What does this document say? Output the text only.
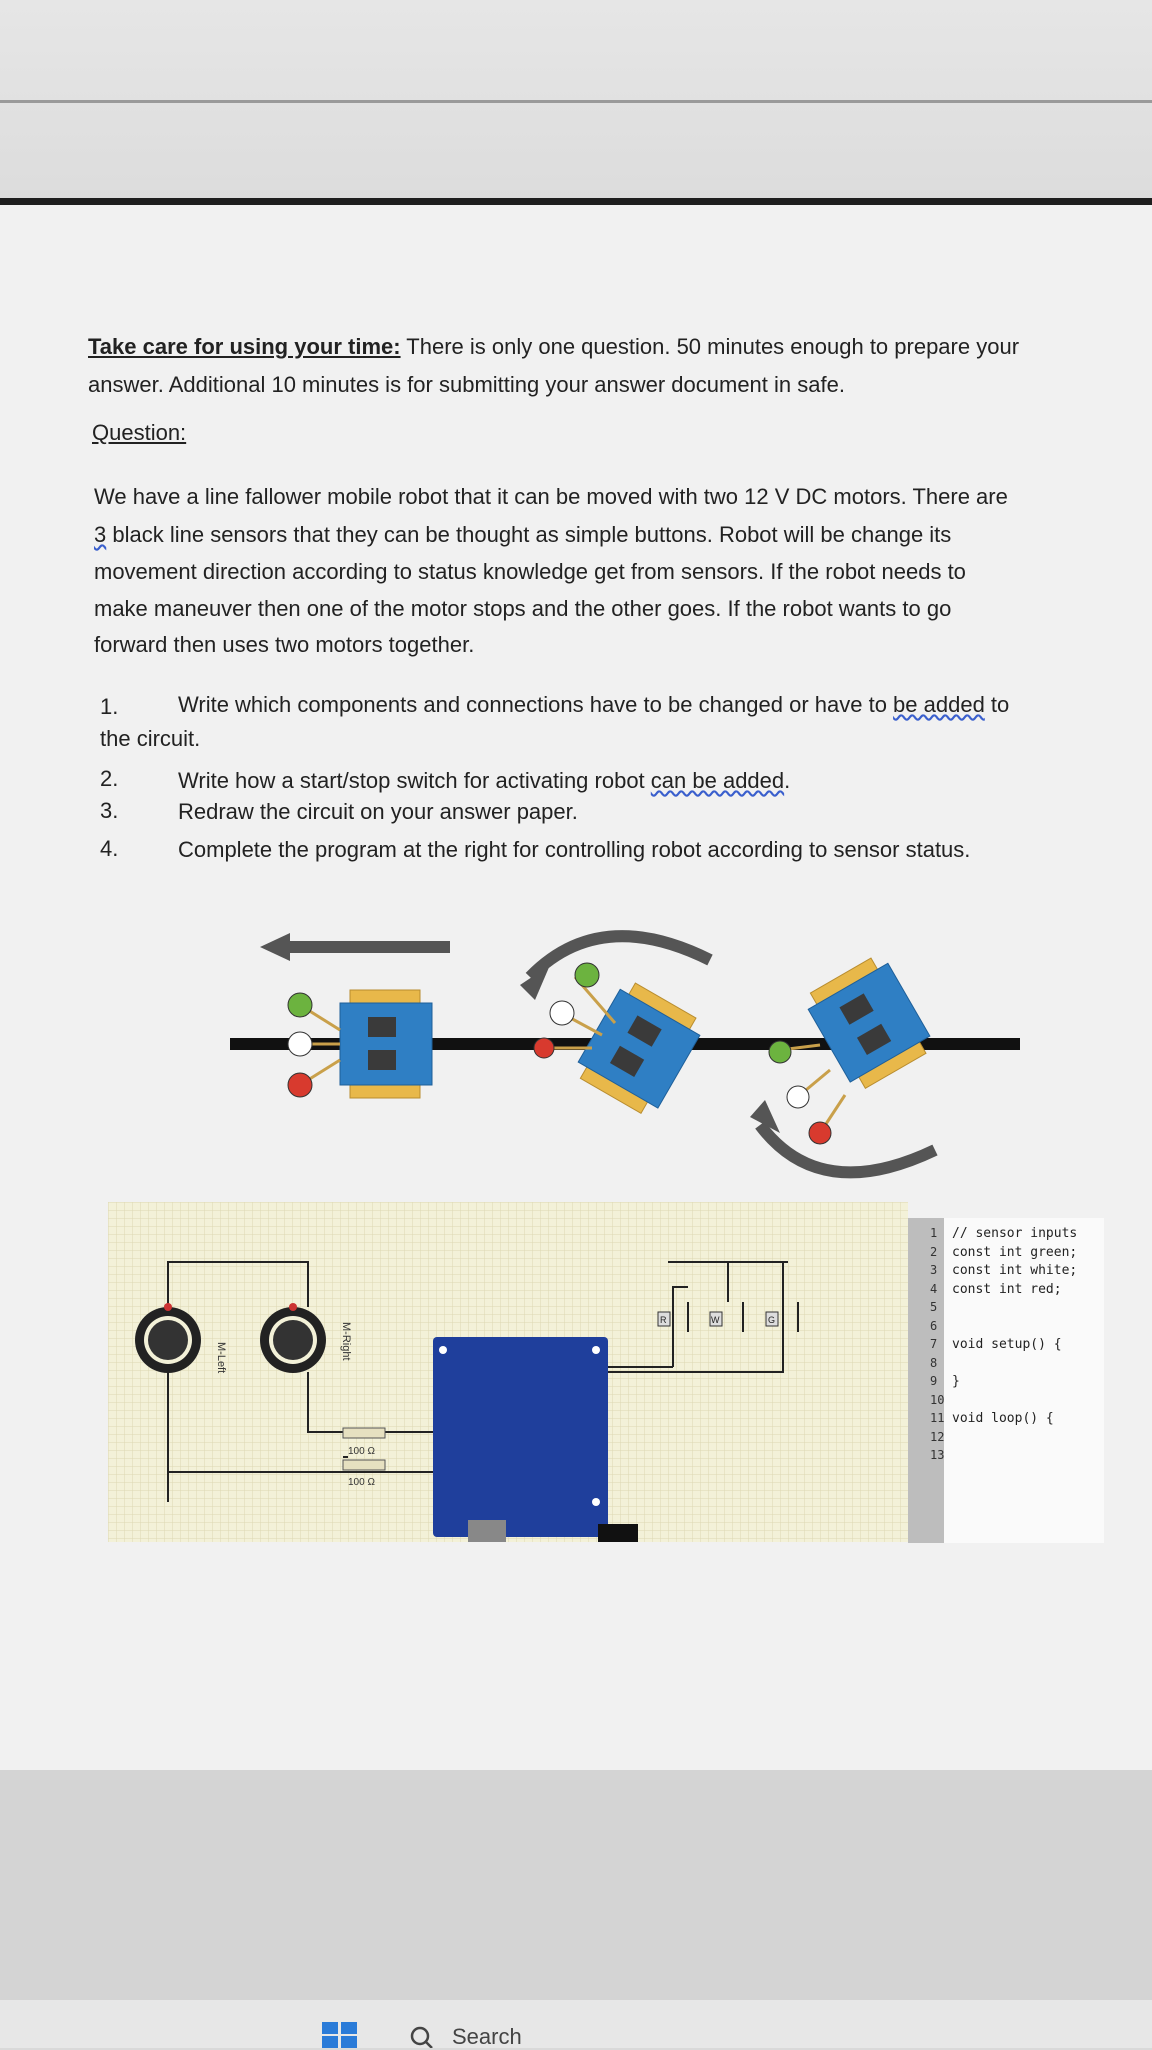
Take care for using your time: There is only one question. 50 minutes enough to prepare your
answer. Additional 10 minutes is for submitting your answer document in safe.
Question:
We have a line fallower mobile robot that it can be moved with two 12 V DC motors. There are
3 black line sensors that they can be thought as simple buttons. Robot will be change its
movement direction according to status knowledge get from sensors. If the robot needs to
make maneuver then one of the motor stops and the other goes. If the robot wants to go
forward then uses two motors together.
1.	Write which components and connections have to be changed or have to be added to
the circuit.
2.	Write how a start/stop switch for activating robot can be added.
3.	Redraw the circuit on your answer paper.
4.	Complete the program at the right for controlling robot according to sensor status.
M-Left	M-Right
100 Ω
100 Ω
R	W	G
1 // sensor inputs
2 const int green;
3 const int white;
4 const int red;
5
6
7 void setup() {
8
9 }
10
11 void loop() {
12
13
Search
